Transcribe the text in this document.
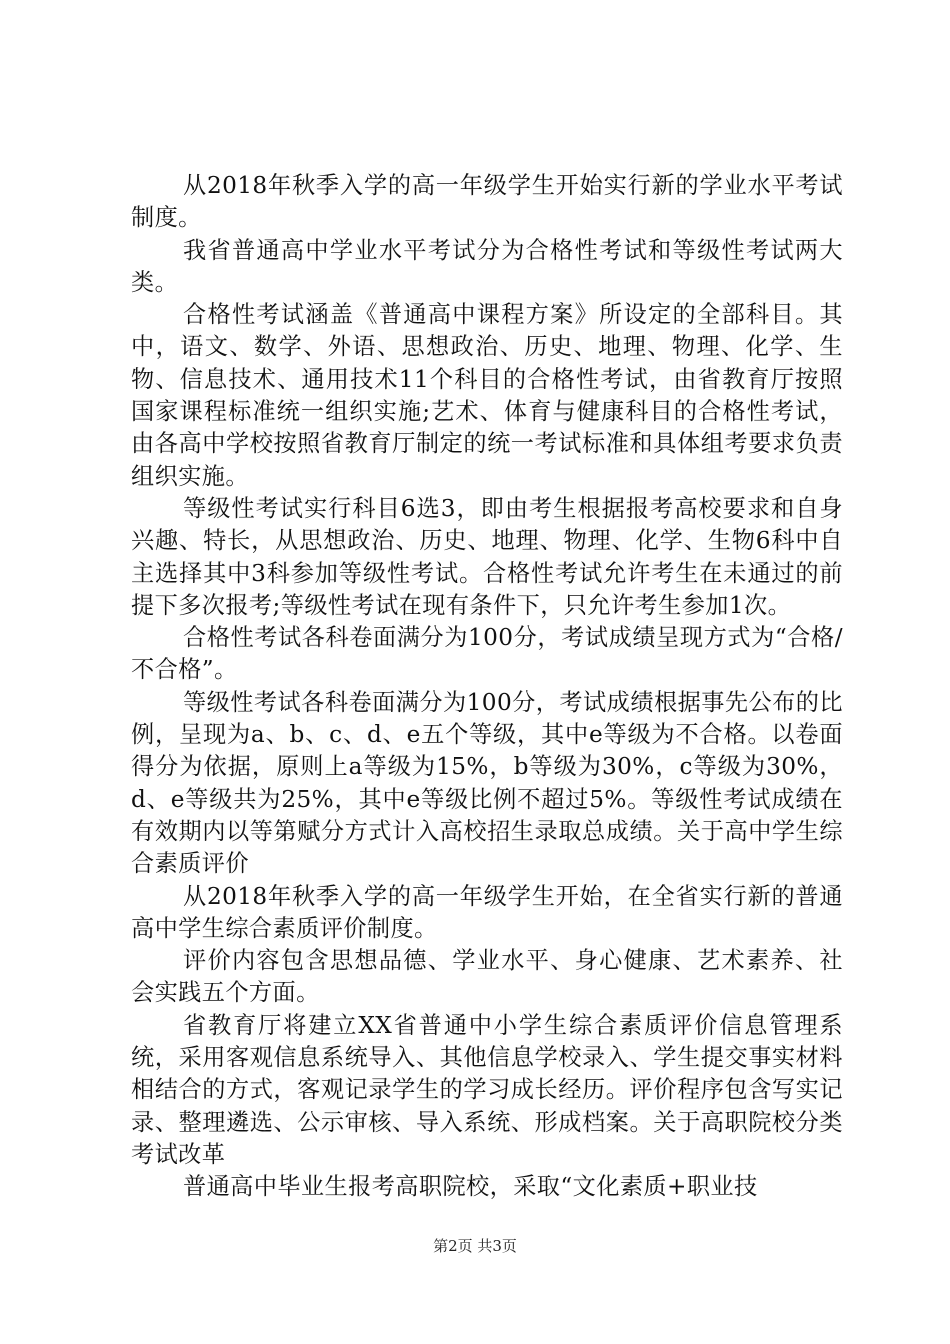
从2018年秋季入学的高一年级学生开始实行新的学业水平考试制度。

我省普通高中学业水平考试分为合格性考试和等级性考试两大类。

合格性考试涵盖《普通高中课程方案》所设定的全部科目。其中，语文、数学、外语、思想政治、历史、地理、物理、化学、生物、信息技术、通用技术11个科目的合格性考试，由省教育厅按照国家课程标准统一组织实施;艺术、体育与健康科目的合格性考试，由各高中学校按照省教育厅制定的统一考试标准和具体组考要求负责组织实施。

等级性考试实行科目6选3，即由考生根据报考高校要求和自身兴趣、特长，从思想政治、历史、地理、物理、化学、生物6科中自主选择其中3科参加等级性考试。合格性考试允许考生在未通过的前提下多次报考;等级性考试在现有条件下，只允许考生参加1次。

合格性考试各科卷面满分为100分，考试成绩呈现方式为“合格/不合格”。

等级性考试各科卷面满分为100分，考试成绩根据事先公布的比例，呈现为a、b、c、d、e五个等级，其中e等级为不合格。以卷面得分为依据，原则上a等级为15%，b等级为30%，c等级为30%，d、e等级共为25%，其中e等级比例不超过5%。等级性考试成绩在有效期内以等第赋分方式计入高校招生录取总成绩。关于高中学生综合素质评价

从2018年秋季入学的高一年级学生开始，在全省实行新的普通高中学生综合素质评价制度。

评价内容包含思想品德、学业水平、身心健康、艺术素养、社会实践五个方面。

省教育厅将建立XX省普通中小学生综合素质评价信息管理系统，采用客观信息系统导入、其他信息学校录入、学生提交事实材料相结合的方式，客观记录学生的学习成长经历。评价程序包含写实记录、整理遴选、公示审核、导入系统、形成档案。关于高职院校分类考试改革

普通高中毕业生报考高职院校，采取“文化素质+职业技

第2页 共3页
